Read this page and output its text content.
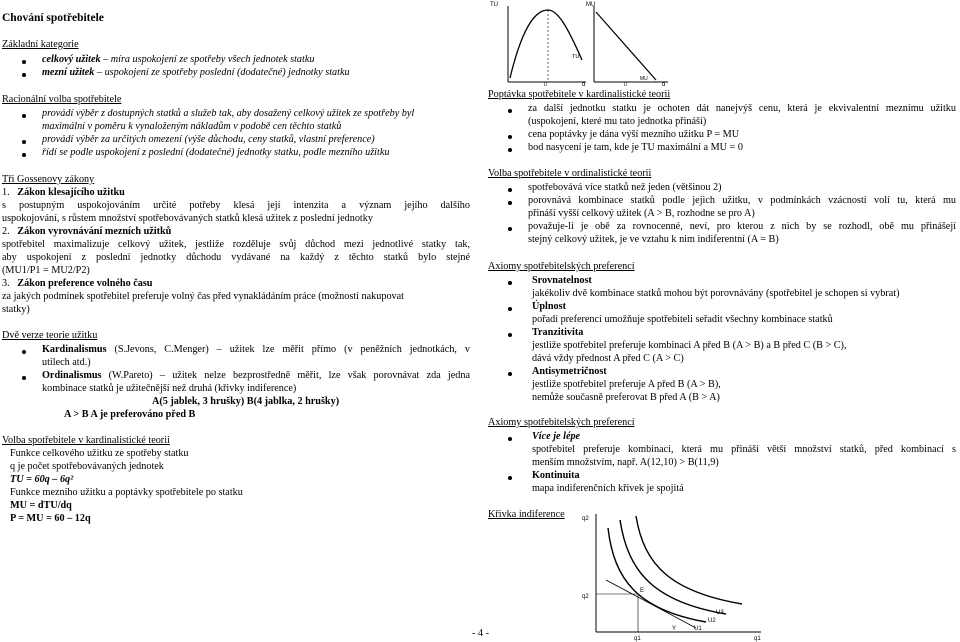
Chování spotřebitele
Základní kategorie
celkový užitek – míra uspokojení ze spotřeby všech jednotek statku
mezní užitek – uspokojení ze spotřeby poslední (dodatečné) jednotky statku
Racionální volba spotřebitele
provádí výběr z dostupných statků a služeb tak, aby dosažený celkový užitek ze spotřeby byl
maximální v poměru k vynaloženým nákladům v podobě cen těchto statků
provádí výběr za určitých omezení (výše důchodu, ceny statků, vlastní preference)
řídí se podle uspokojení z poslední (dodatečné) jednotky statku, podle mezního užitku
Tři Gossenovy zákony
1. Zákon klesajícího užitku
s postupným uspokojováním určité potřeby klesá její intenzita a význam jejího dalšího
uspokojování, s růstem množství spotřebovávaných statků klesá užitek z poslední jednotky
2. Zákon vyrovnávání mezních užitků
spotřebitel maximalizuje celkový užitek, jestliže rozděluje svůj důchod mezi jednotlivé statky tak,
aby uspokojení z poslední jednotky důchodu vydávané na každý z těchto statků bylo stejné
(MU1/P1 = MU2/P2)
3. Zákon preference volného času
za jakých podmínek spotřebitel preferuje volný čas před vynakládáním práce (možností nakupovat
statky)
Dvě verze teorie užitku
Kardinalismus (S.Jevons, C.Menger) – užitek lze měřit přímo (v peněžních jednotkách, v
utilech atd.)
Ordinalismus (W.Pareto) – užitek nelze bezprostředně měřit, lze však porovnávat zda jedna
kombinace statků je užitečnější než druhá (křivky indiference)
A(5 jablek, 3 hrušky) B(4 jablka, 2 hrušky)
A > B A je preferováno před B
Volba spotřebitele v kardinalistické teorii
Funkce celkového užitku ze spotřeby statku
q je počet spotřebovávaných jednotek
TU = 60q – 6q²
Funkce mezního užitku a poptávky spotřebitele po statku
MU = dTU/dq
P = MU = 60 – 12q
- 4 -
TU
TU
0	q
MU
MU
0	q
Poptávka spotřebitele v kardinalistické teorii
za další jednotku statku je ochoten dát nanejvýš cenu, která je ekvivalentní meznímu užitku
(uspokojení, které mu tato jednotka přináší)
cena poptávky je dána výší mezního užitku P = MU
bod nasycení je tam, kde je TU maximální a MU = 0
Volba spotřebitele v ordinalistické teorii
spotřebovává více statků než jeden (většinou 2)
porovnává kombinace statků podle jejich užitku, v podmínkách vzácnosti volí tu, která mu
přináší vyšší celkový užitek (A > B, rozhodne se pro A)
považuje-li je obě za rovnocenné, neví, pro kterou z nich by se rozhodl, obě mu přinášejí
stejný celkový užitek, je ve vztahu k nim indiferentní (A = B)
Axiomy spotřebitelských preferencí
Srovnatelnost
jakékoliv dvě kombinace statků mohou být porovnávány (spotřebitel je schopen si vybrat)
Úplnost
pořadí preferencí umožňuje spotřebiteli seřadit všechny kombinace statků
Tranzitivita
jestliže spotřebitel preferuje kombinaci A před B (A > B) a B před C (B > C),
dává vždy přednost A před C (A > C)
Antisymetričnost
jestliže spotřebitel preferuje A před B (A > B),
nemůže současně preferovat B před A (B > A)
Axiomy spotřebitelských preferencí
Více je lépe
spotřebitel preferuje kombinaci, která mu přináší větší množství statků, před kombinací s
menším množstvím, např. A(12,10) > B(11,9)
Kontinuita
mapa indiferenčních křivek je spojitá
Křivka indiference	q2
q2
E
U3
U2
U1
Y
q1	q1
